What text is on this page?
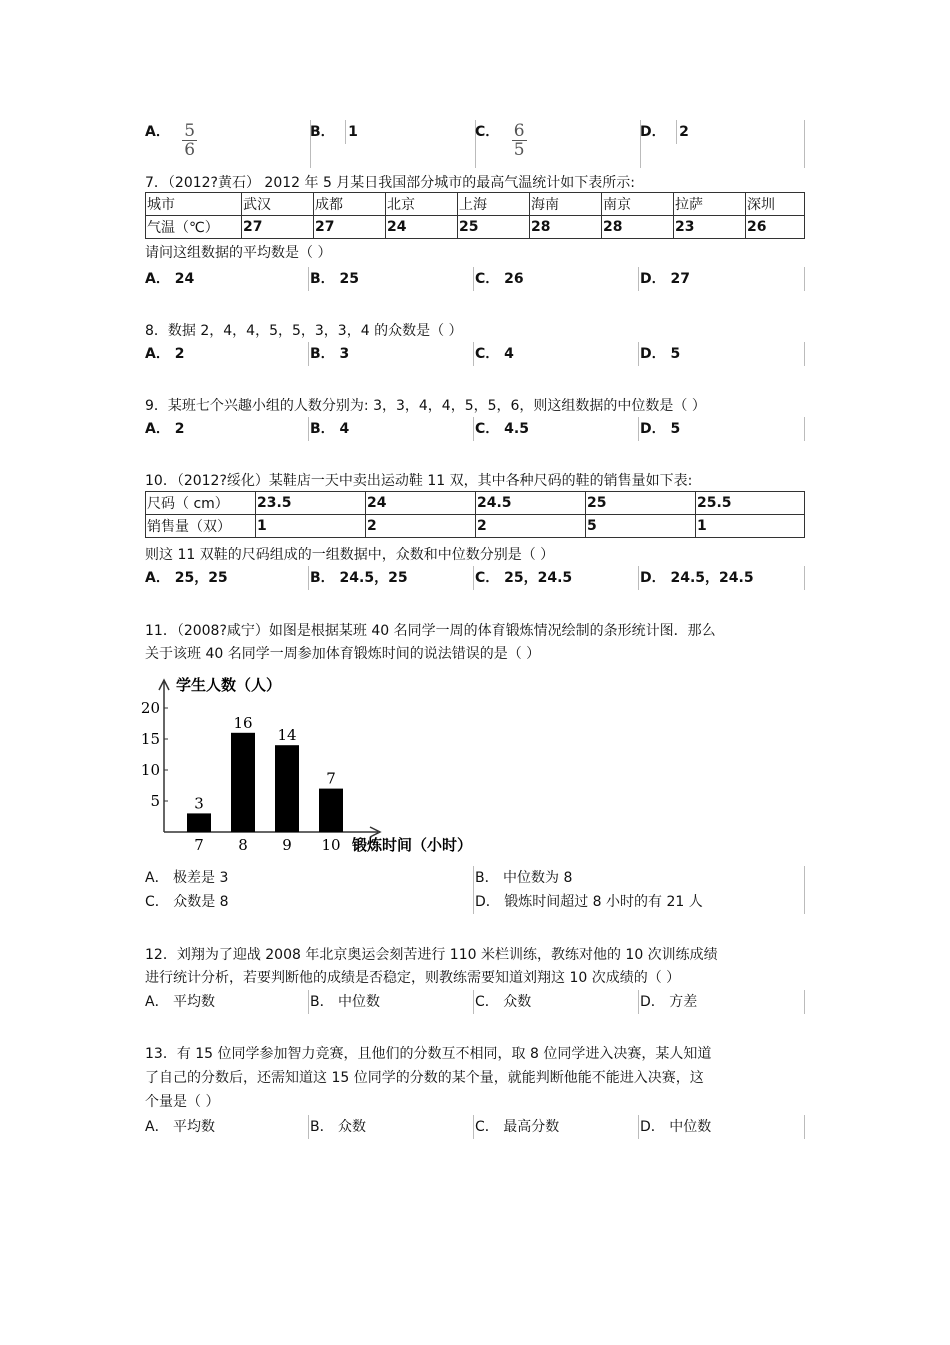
A． $\frac{5}{6}$	B． 1	C． $\frac{6}{5}$	D． 2
7．（2012?黄石） 2012 年 5 月某日我国部分城市的最高气温统计如下表所示:
城市	武汉	成都	北京	上海	海南	南京	拉萨	深圳
气温（℃）	27	27	24	25	28	28	23	26
请问这组数据的平均数是（ ）
A． 24	B． 25	C． 26	D． 27
8．数据 2，4，4，5，5，3，3，4 的众数是（ ）
A． 2	B． 3	C． 4	D． 5
9．某班七个兴趣小组的人数分别为: 3，3，4，4，5，5，6，则这组数据的中位数是（ ）
A． 2	B． 4	C． 4.5	D． 5
10．（2012?绥化）某鞋店一天中卖出运动鞋 11 双，其中各种尺码的鞋的销售量如下表:
尺码（ cm）	23.5	24	24.5	25	25.5
销售量（双）	1	2	2	5	1
则这 11 双鞋的尺码组成的一组数据中，众数和中位数分别是（ ）
A． 25，25	B． 24.5，25	C． 25，24.5	D． 24.5，24.5
11．（2008?咸宁）如图是根据某班 40 名同学一周的体育锻炼情况绘制的条形统计图．那么
关于该班 40 名同学一周参加体育锻炼时间的说法错误的是（ ）
5
10
15
20
3
16
14
7
7 8 9 10
学生人数（人）
锻炼时间（小时）
A． 极差是 3	B． 中位数为 8
C． 众数是 8	D． 锻炼时间超过 8 小时的有 21 人
12．刘翔为了迎战 2008 年北京奥运会刻苦进行 110 米栏训练，教练对他的 10 次训练成绩
进行统计分析，若要判断他的成绩是否稳定，则教练需要知道刘翔这 10 次成绩的（ ）
A． 平均数	B． 中位数	C． 众数	D． 方差
13．有 15 位同学参加智力竞赛，且他们的分数互不相同，取 8 位同学进入决赛，某人知道
了自己的分数后，还需知道这 15 位同学的分数的某个量，就能判断他能不能进入决赛，这
个量是（ ）
A． 平均数	B． 众数	C． 最高分数	D． 中位数
